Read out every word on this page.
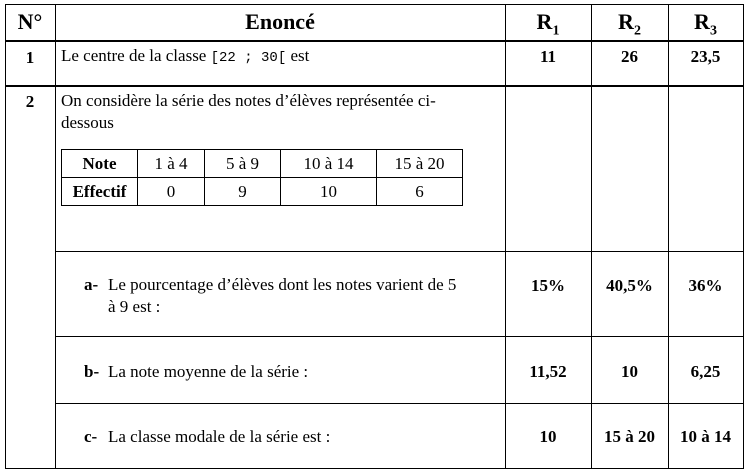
N°	Enoncé	$R_1$	$R_2$	$R_3$
1	Le centre de la classe [22 ; 30[ est	11	26	23,5
2	On considère la série des notes d’élèves représentée ci-
dessous
Note	1 à 4	5 à 9	10 à 14	15 à 20
Effectif	0	9	10	6
a- Le pourcentage d’élèves dont les notes varient de 5
à 9 est :
15%	40,5%	36%
b- La note moyenne de la série :	11,52	10	6,25
c- La classe modale de la série est :	10	15 à 20	10 à 14
